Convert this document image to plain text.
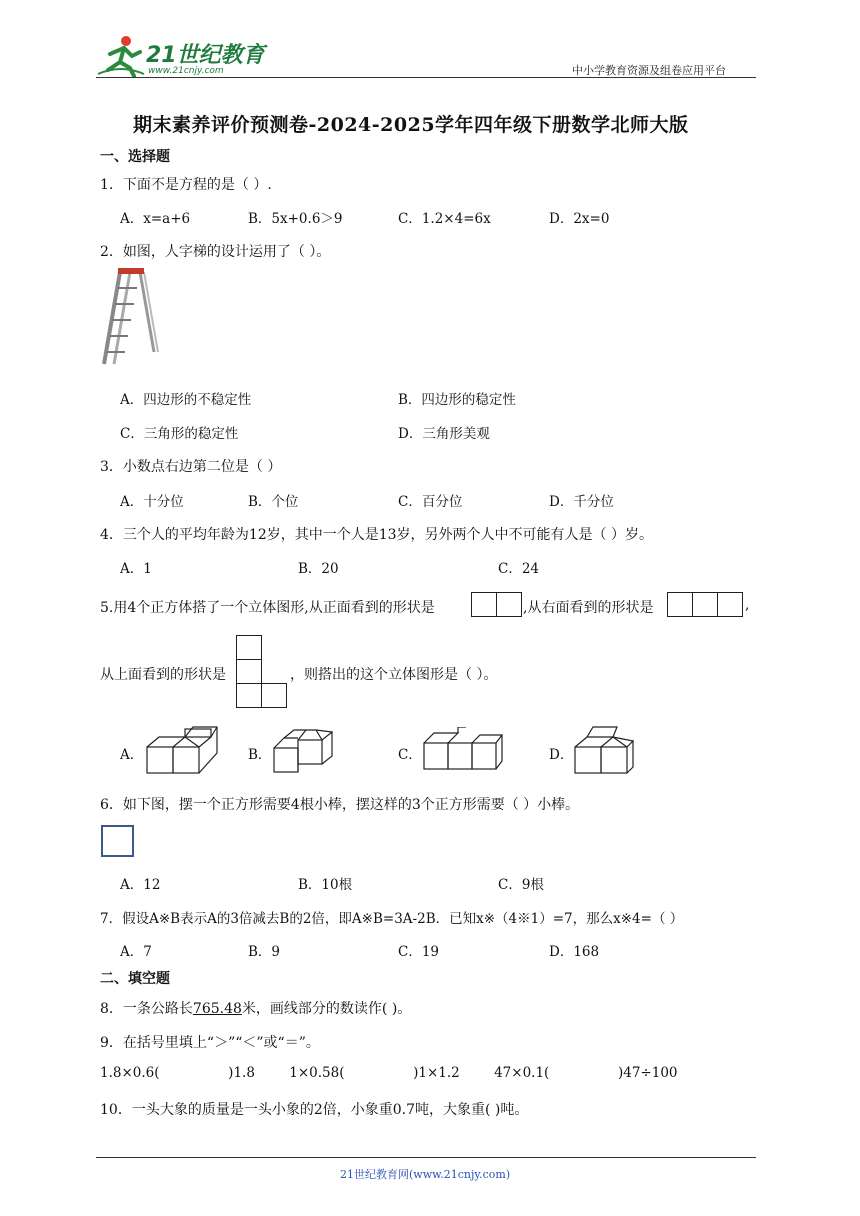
21世纪教育
www.21cnjy.com	中小学教育资源及组卷应用平台
期末素养评价预测卷-2024-2025学年四年级下册数学北师大版
一、选择题
1．下面不是方程的是（ ）.
A．x=a+6	B．5x+0.6＞9	C．1.2×4=6x	D．2x=0
2．如图，人字梯的设计运用了（ ）。
A．四边形的不稳定性	B．四边形的稳定性
C．三角形的稳定性	D．三角形美观
3．小数点右边第二位是（ ）
A．十分位	B．个位	C．百分位	D．千分位
4．三个人的平均年龄为12岁，其中一个人是13岁，另外两个人中不可能有人是（ ）岁。
A．1	B．20	C．24
5.用4个正方体搭了一个立体图形,从正面看到的形状是	,从右面看到的形状是	,
从上面看到的形状是	，则搭出的这个立体图形是（ ）。
A．	B．	C．	D．
6．如下图，摆一个正方形需要4根小棒，摆这样的3个正方形需要（ ）小棒。
A．12	B．10根	C．9根
7．假设A※B表示A的3倍减去B的2倍，即A※B=3A-2B．已知x※（4※1）=7，那么x※4=（ ）
A．7	B．9	C．19	D．168
二、填空题
8．一条公路长765.48米，画线部分的数读作( )。
9．在括号里填上“＞”“＜”或“＝”。
1.8×0.6(                )1.8        1×0.58(                )1×1.2        47×0.1(                )47÷100
10．一头大象的质量是一头小象的2倍，小象重0.7吨，大象重( )吨。
21世纪教育网(www.21cnjy.com)
